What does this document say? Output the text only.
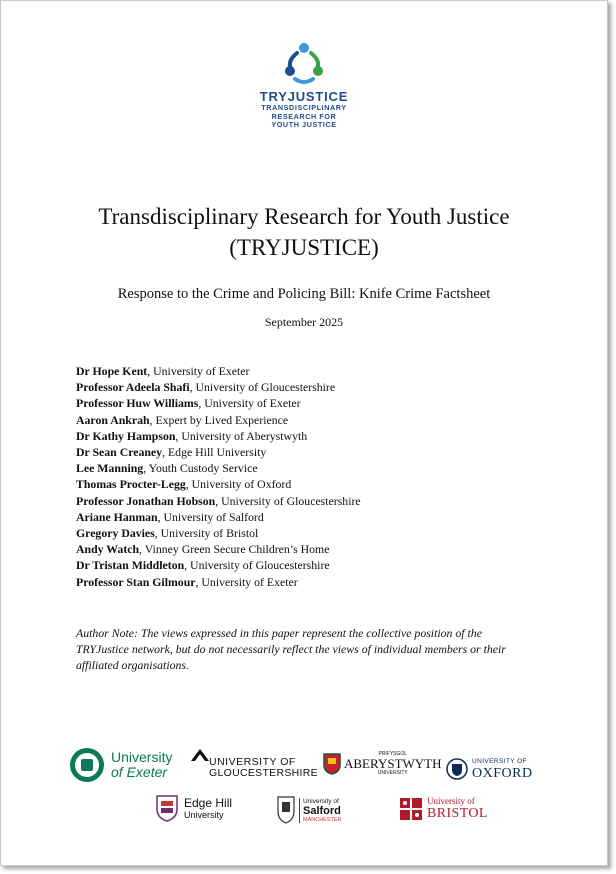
TRYJUSTICE
TRANSDISCIPLINARY
RESEARCH FOR
YOUTH JUSTICE
Transdisciplinary Research for Youth Justice (TRYJUSTICE)
Response to the Crime and Policing Bill: Knife Crime Factsheet
September 2025
Dr Hope Kent, University of Exeter
Professor Adeela Shafi, University of Gloucestershire
Professor Huw Williams, University of Exeter
Aaron Ankrah, Expert by Lived Experience
Dr Kathy Hampson, University of Aberystwyth
Dr Sean Creaney, Edge Hill University
Lee Manning, Youth Custody Service
Thomas Procter-Legg, University of Oxford
Professor Jonathan Hobson, University of Gloucestershire
Ariane Hanman, University of Salford
Gregory Davies, University of Bristol
Andy Watch, Vinney Green Secure Children’s Home
Dr Tristan Middleton, University of Gloucestershire
Professor Stan Gilmour, University of Exeter
Author Note: The views expressed in this paper represent the collective position of the TRYJustice network, but do not necessarily reflect the views of individual members or their affiliated organisations.
University
of Exeter
UNIVERSITY OF
GLOUCESTERSHIRE
PRIFYSGOL
ABERYSTWYTH
UNIVERSITY
UNIVERSITY OF
OXFORD
Edge Hill
University
University of
Salford
MANCHESTER
University of
BRISTOL
